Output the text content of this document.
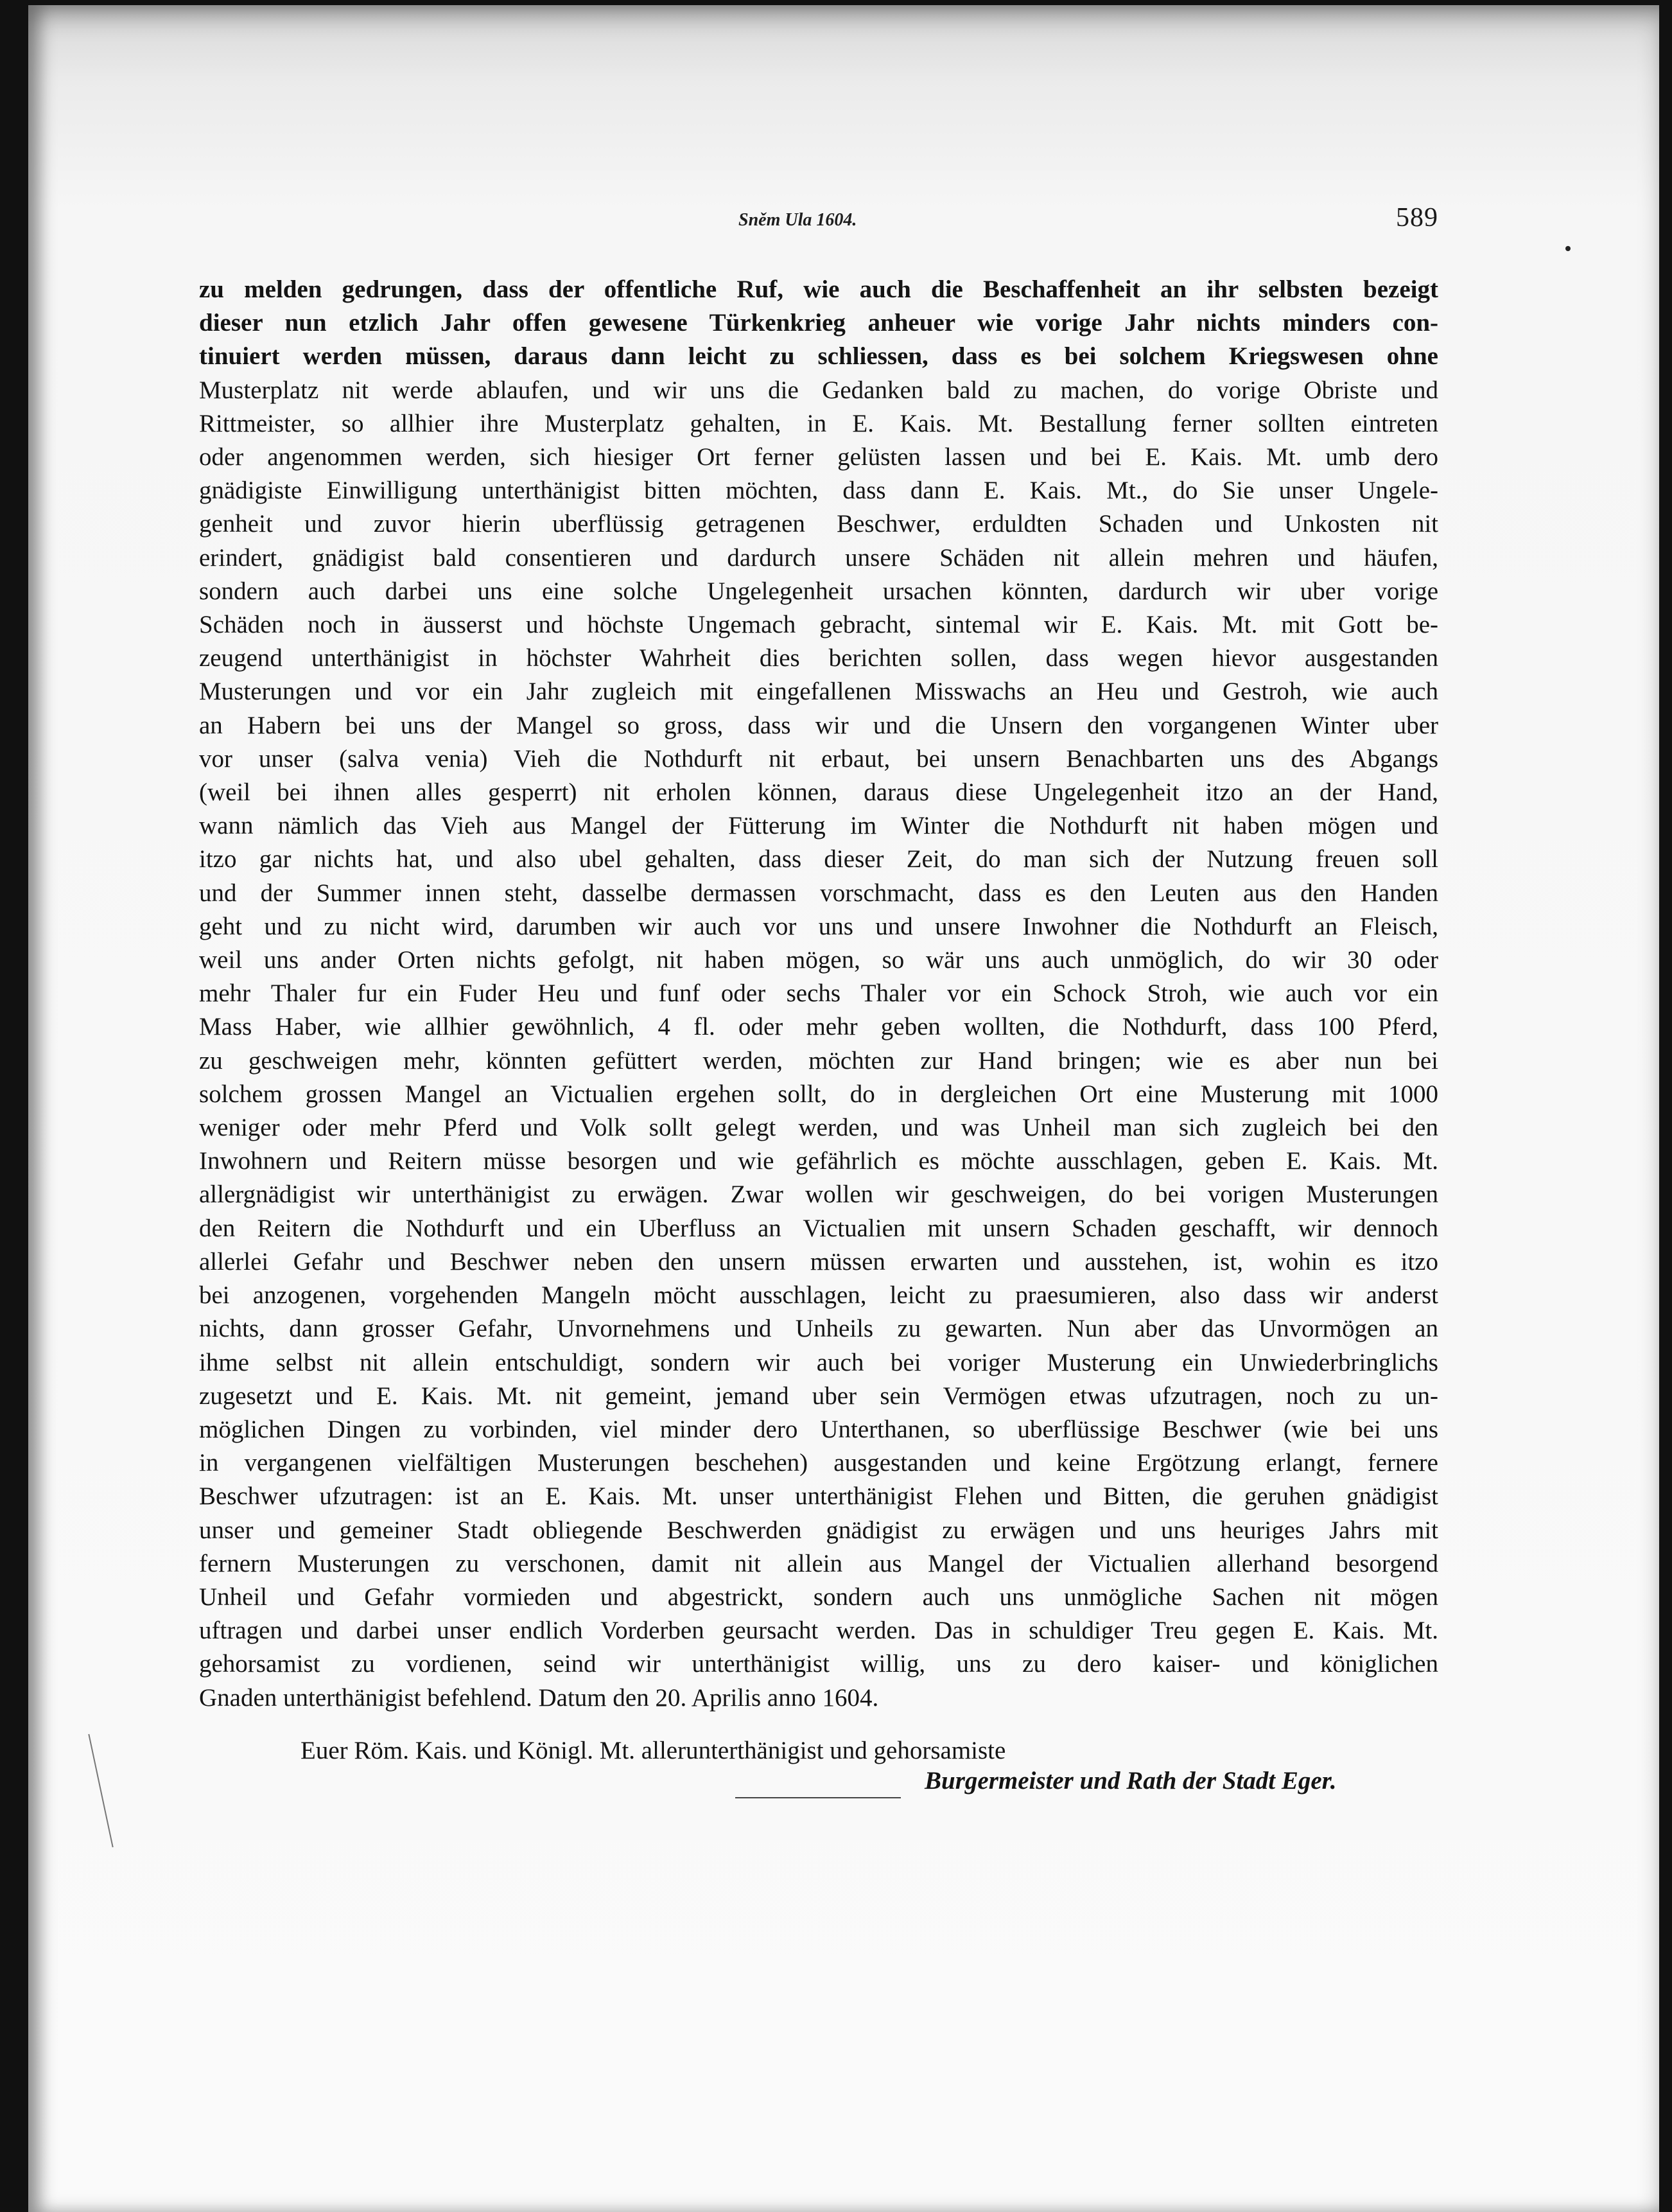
Sněm Ula 1604.	589
zu melden gedrungen, dass der offentliche Ruf, wie auch die Beschaffenheit an ihr selbsten bezeigt
dieser nun etzlich Jahr offen gewesene Türkenkrieg anheuer wie vorige Jahr nichts minders con-
tinuiert werden müssen, daraus dann leicht zu schliessen, dass es bei solchem Kriegswesen ohne
Musterplatz nit werde ablaufen, und wir uns die Gedanken bald zu machen, do vorige Obriste und
Rittmeister, so allhier ihre Musterplatz gehalten, in E. Kais. Mt. Bestallung ferner sollten eintreten
oder angenommen werden, sich hiesiger Ort ferner gelüsten lassen und bei E. Kais. Mt. umb dero
gnädigiste Einwilligung unterthänigist bitten möchten, dass dann E. Kais. Mt., do Sie unser Ungele-
genheit und zuvor hierin uberflüssig getragenen Beschwer, erduldten Schaden und Unkosten nit
erindert, gnädigist bald consentieren und dardurch unsere Schäden nit allein mehren und häufen,
sondern auch darbei uns eine solche Ungelegenheit ursachen könnten, dardurch wir uber vorige
Schäden noch in äusserst und höchste Ungemach gebracht, sintemal wir E. Kais. Mt. mit Gott be-
zeugend unterthänigist in höchster Wahrheit dies berichten sollen, dass wegen hievor ausgestanden
Musterungen und vor ein Jahr zugleich mit eingefallenen Misswachs an Heu und Gestroh, wie auch
an Habern bei uns der Mangel so gross, dass wir und die Unsern den vorgangenen Winter uber
vor unser (salva venia) Vieh die Nothdurft nit erbaut, bei unsern Benachbarten uns des Abgangs
(weil bei ihnen alles gesperrt) nit erholen können, daraus diese Ungelegenheit itzo an der Hand,
wann nämlich das Vieh aus Mangel der Fütterung im Winter die Nothdurft nit haben mögen und
itzo gar nichts hat, und also ubel gehalten, dass dieser Zeit, do man sich der Nutzung freuen soll
und der Summer innen steht, dasselbe dermassen vorschmacht, dass es den Leuten aus den Handen
geht und zu nicht wird, darumben wir auch vor uns und unsere Inwohner die Nothdurft an Fleisch,
weil uns ander Orten nichts gefolgt, nit haben mögen, so wär uns auch unmöglich, do wir 30 oder
mehr Thaler fur ein Fuder Heu und funf oder sechs Thaler vor ein Schock Stroh, wie auch vor ein
Mass Haber, wie allhier gewöhnlich, 4 fl. oder mehr geben wollten, die Nothdurft, dass 100 Pferd,
zu geschweigen mehr, könnten gefüttert werden, möchten zur Hand bringen; wie es aber nun bei
solchem grossen Mangel an Victualien ergehen sollt, do in dergleichen Ort eine Musterung mit 1000
weniger oder mehr Pferd und Volk sollt gelegt werden, und was Unheil man sich zugleich bei den
Inwohnern und Reitern müsse besorgen und wie gefährlich es möchte ausschlagen, geben E. Kais. Mt.
allergnädigist wir unterthänigist zu erwägen. Zwar wollen wir geschweigen, do bei vorigen Musterungen
den Reitern die Nothdurft und ein Uberfluss an Victualien mit unsern Schaden geschafft, wir dennoch
allerlei Gefahr und Beschwer neben den unsern müssen erwarten und ausstehen, ist, wohin es itzo
bei anzogenen, vorgehenden Mangeln möcht ausschlagen, leicht zu praesumieren, also dass wir anderst
nichts, dann grosser Gefahr, Unvornehmens und Unheils zu gewarten. Nun aber das Unvormögen an
ihme selbst nit allein entschuldigt, sondern wir auch bei voriger Musterung ein Unwiederbringlichs
zugesetzt und E. Kais. Mt. nit gemeint, jemand uber sein Vermögen etwas ufzutragen, noch zu un-
möglichen Dingen zu vorbinden, viel minder dero Unterthanen, so uberflüssige Beschwer (wie bei uns
in vergangenen vielfältigen Musterungen beschehen) ausgestanden und keine Ergötzung erlangt, fernere
Beschwer ufzutragen: ist an E. Kais. Mt. unser unterthänigist Flehen und Bitten, die geruhen gnädigist
unser und gemeiner Stadt obliegende Beschwerden gnädigist zu erwägen und uns heuriges Jahrs mit
fernern Musterungen zu verschonen, damit nit allein aus Mangel der Victualien allerhand besorgend
Unheil und Gefahr vormieden und abgestrickt, sondern auch uns unmögliche Sachen nit mögen
uftragen und darbei unser endlich Vorderben geursacht werden. Das in schuldiger Treu gegen E. Kais. Mt.
gehorsamist zu vordienen, seind wir unterthänigist willig, uns zu dero kaiser- und königlichen
Gnaden unterthänigist befehlend. Datum den 20. Aprilis anno 1604.
Euer Röm. Kais. und Königl. Mt. allerunterthänigist und gehorsamiste
Burgermeister und Rath der Stadt Eger.
